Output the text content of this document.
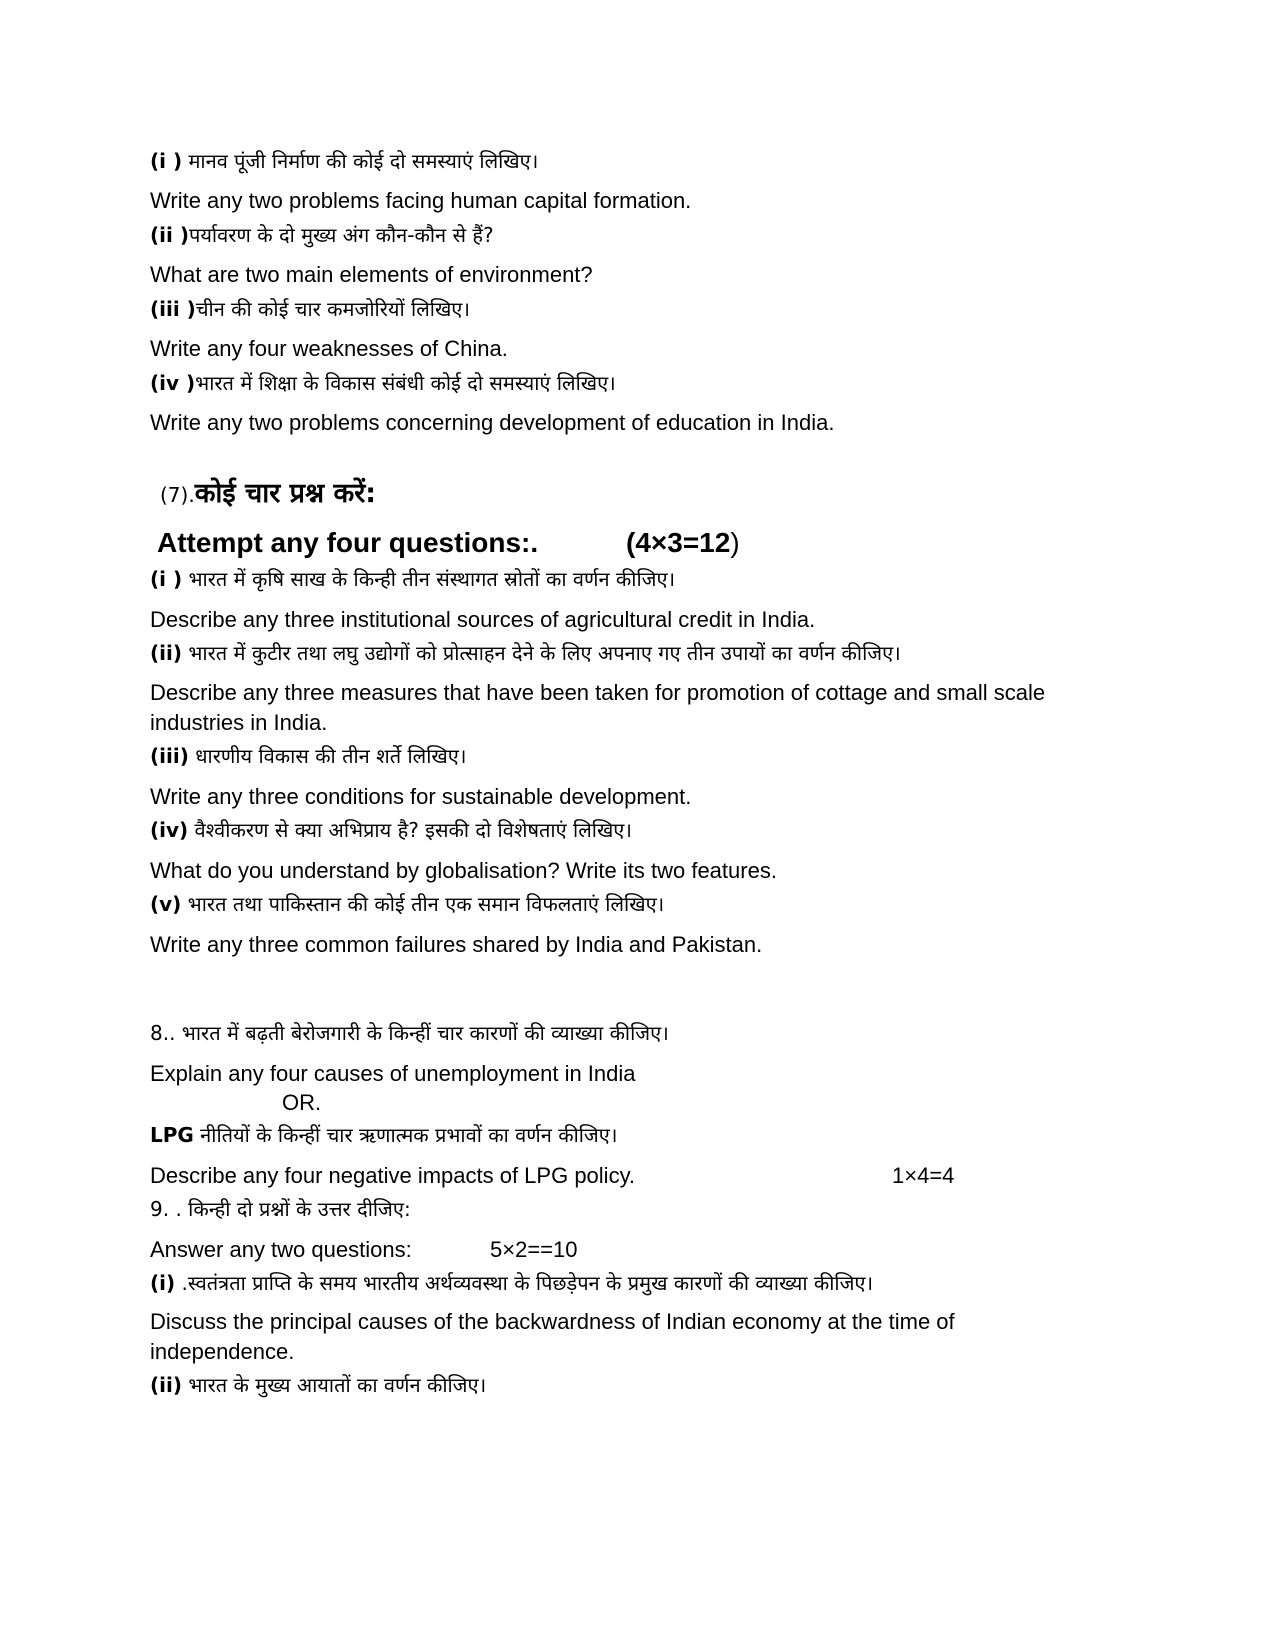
(i ) मानव पूंजी निर्माण की कोई दो समस्याएं लिखिए।
Write any two problems facing human capital formation.
(ii )पर्यावरण के दो मुख्य अंग कौन-कौन से हैं?
What are two main elements of environment?
(iii )चीन की कोई चार कमजोरियों लिखिए।
Write any four weaknesses of China.
(iv )भारत में शिक्षा के विकास संबंधी कोई दो समस्याएं लिखिए।
Write any two problems concerning development of education in India.
(7).कोई चार प्रश्न करें:
Attempt any four questions:.	(4×3=12)
(i ) भारत में कृषि साख के किन्ही तीन संस्थागत स्रोतों का वर्णन कीजिए।
Describe any three institutional sources of agricultural credit in India.
(ii) भारत में कुटीर तथा लघु उद्योगों को प्रोत्साहन देने के लिए अपनाए गए तीन उपायों का वर्णन कीजिए।
Describe any three measures that have been taken for promotion of cottage and small scale industries in India.
(iii) धारणीय विकास की तीन शर्ते लिखिए।
Write any three conditions for sustainable development.
(iv) वैश्वीकरण से क्या अभिप्राय है? इसकी दो विशेषताएं लिखिए।
What do you understand by globalisation? Write its two features.
(v) भारत तथा पाकिस्तान की कोई तीन एक समान विफलताएं लिखिए।
Write any three common failures shared by India and Pakistan.
8.. भारत में बढ़ती बेरोजगारी के किन्हीं चार कारणों की व्याख्या कीजिए।
Explain any four causes of unemployment in India
OR.
LPG नीतियों के किन्हीं चार ऋणात्मक प्रभावों का वर्णन कीजिए।
Describe any four negative impacts of LPG policy.	1×4=4
9. . किन्ही दो प्रश्नों के उत्तर दीजिए:
Answer any two questions:	5×2==10
(i) .स्वतंत्रता प्राप्ति के समय भारतीय अर्थव्यवस्था के पिछड़ेपन के प्रमुख कारणों की व्याख्या कीजिए।
Discuss the principal causes of the backwardness of Indian economy at the time of independence.
(ii) भारत के मुख्य आयातों का वर्णन कीजिए।
